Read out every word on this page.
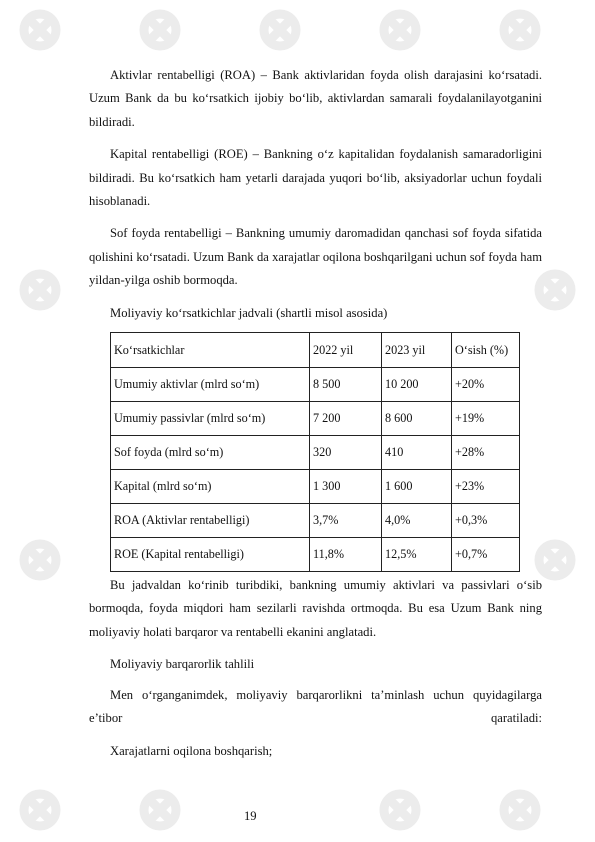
Aktivlar rentabelligi (ROA) – Bank aktivlaridan foyda olish darajasini ko‘rsatadi. Uzum Bank da bu ko‘rsatkich ijobiy bo‘lib, aktivlardan samarali foydalanilayotganini bildiradi.

Kapital rentabelligi (ROE) – Bankning o‘z kapitalidan foydalanish samaradorligini bildiradi. Bu ko‘rsatkich ham yetarli darajada yuqori bo‘lib, aksiyadorlar uchun foydali hisoblanadi.

Sof foyda rentabelligi – Bankning umumiy daromadidan qanchasi sof foyda sifatida qolishini ko‘rsatadi. Uzum Bank da xarajatlar oqilona boshqarilgani uchun sof foyda ham yildan-yilga oshib bormoqda.

Moliyaviy ko‘rsatkichlar jadvali (shartli misol asosida)

Ko‘rsatkichlar	2022 yil	2023 yil	O‘sish (%)
Umumiy aktivlar (mlrd so‘m)	8 500	10 200	+20%
Umumiy passivlar (mlrd so‘m)	7 200	8 600	+19%
Sof foyda (mlrd so‘m)	320	410	+28%
Kapital (mlrd so‘m)	1 300	1 600	+23%
ROA (Aktivlar rentabelligi)	3,7%	4,0%	+0,3%
ROE (Kapital rentabelligi)	11,8%	12,5%	+0,7%

Bu jadvaldan ko‘rinib turibdiki, bankning umumiy aktivlari va passivlari o‘sib bormoqda, foyda miqdori ham sezilarli ravishda ortmoqda. Bu esa Uzum Bank ning moliyaviy holati barqaror va rentabelli ekanini anglatadi.

Moliyaviy barqarorlik tahlili

Men o‘rganganimdek, moliyaviy barqarorlikni ta’minlash uchun quyidagilarga e’tibor qaratiladi:

Xarajatlarni oqilona boshqarish;

19
